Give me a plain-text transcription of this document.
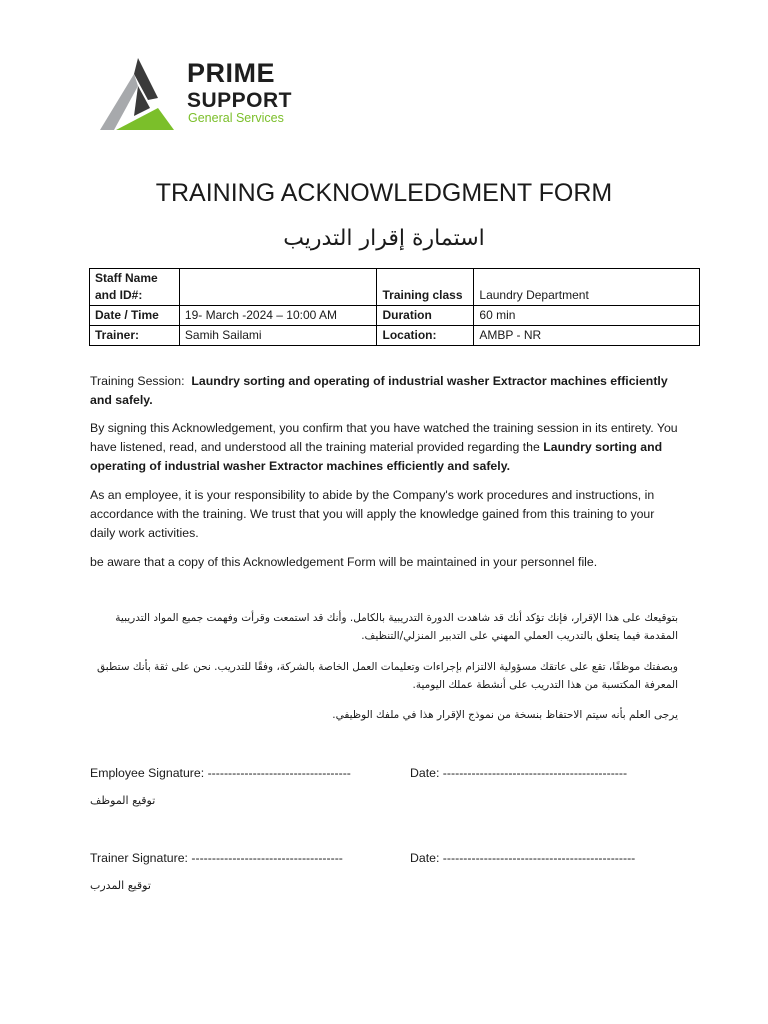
PRIME
SUPPORT
General Services
TRAINING ACKNOWLEDGMENT FORM
استمارة إقرار التدريب
Staff Name and ID#:		Training class	Laundry Department
Date / Time	19- March -2024 – 10:00 AM	Duration	60 min
Trainer:	Samih Sailami	Location:	AMBP - NR

Training Session: Laundry sorting and operating of industrial washer Extractor machines efficiently and safely.

By signing this Acknowledgement, you confirm that you have watched the training session in its entirety. You have listened, read, and understood all the training material provided regarding the Laundry sorting and operating of industrial washer Extractor machines efficiently and safely.

As an employee, it is your responsibility to abide by the Company's work procedures and instructions, in accordance with the training. We trust that you will apply the knowledge gained from this training to your daily work activities.

be aware that a copy of this Acknowledgement Form will be maintained in your personnel file.

بتوقيعك على هذا الإقرار، فإنك تؤكد أنك قد شاهدت الدورة التدريبية بالكامل. وأنك قد استمعت وقرأت وفهمت جميع المواد التدريبية المقدمة فيما يتعلق بالتدريب العملي المهني على التدبير المنزلي/التنظيف.

وبصفتك موظفًا، تقع على عاتقك مسؤولية الالتزام بإجراءات وتعليمات العمل الخاصة بالشركة، وفقًا للتدريب. نحن على ثقة بأنك ستطبق المعرفة المكتسبة من هذا التدريب على أنشطة عملك اليومية.

يرجى العلم بأنه سيتم الاحتفاظ بنسخة من نموذج الإقرار هذا في ملفك الوظيفي.

Employee Signature: -----------------------------------	Date: ---------------------------------------------
توقيع الموظف
Trainer Signature: -------------------------------------	Date: -----------------------------------------------
توقيع المدرب
